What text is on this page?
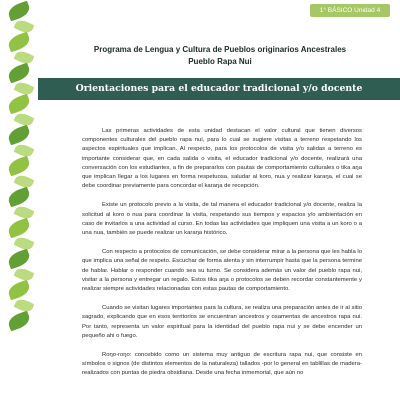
1° BÁSICO Unidad 4
Programa de Lengua y Cultura de Pueblos originarios Ancestrales
Pueblo Rapa Nui
Orientaciones para el educador tradicional y/o docente

Las primeras actividades de esta unidad destacan el valor cultural que tienen diversos componentes culturales del pueblo rapa nui, para lo cual se sugiere visitas a terreno respetando los aspectos espirituales que implican. Al respecto, para los protocolos de visita y/o salidas a terreno es importante considerar que, en cada salida o visita, el educador tradicional y/o docente, realizará una conversación con los estudiantes, a fin de prepararlos con pautas de comportamiento culturales o tika aŋa que implican llegar a los lugares en forma respetuosa, saludar al koro, nua y realizar karaŋa, el cual se debe coordinar previamente para concordar el karaŋa de recepción.

Existe un protocolo previo a la visita, de tal manera el educador tradicional y/o docente, realiza la solicitud al koro o nua para coordinar la visita, respetando sus tiempos y espacios y/o ambientación en caso de invitarlos a una actividad al curso. En todas las actividades que impliquen una visita a un koro o a una nua, también se puede realizar un karaŋa histórico.

Con respecto a protocolos de comunicación, se debe considerar mirar a la persona que les habla lo que implica una señal de respeto. Escuchar de forma atenta y sin interrumpir hasta que la persona termine de hablar. Hablar o responder cuando sea su turno. Se considera además un valor del pueblo rapa nui, visitar a la persona y entregar un regalo. Estos tika aŋa o protocolos se deben recordar constantemente y realizar siempre actividades relacionadas con estas pautas de comportamiento.

Cuando se visitan lugares importantes para la cultura, se realiza una preparación antes de ir al sitio sagrado, explicando que en esos territorios se encuentran ancestros y osamentas de ancestros rapa nui. Por tanto, representa un valor espiritual para la identidad del pueblo rapa nui y se debe encender un pequeño ahi o fuego.

Roŋo-roŋo: concebido como un sistema muy antiguo de escritura rapa nui, que consiste en símbolos o signos (de distintos elementos de la naturaleza) tallados -por lo general en tablillas de madera- realizados con puntas de piedra obsidiana. Desde una fecha inmemorial, que aún no
